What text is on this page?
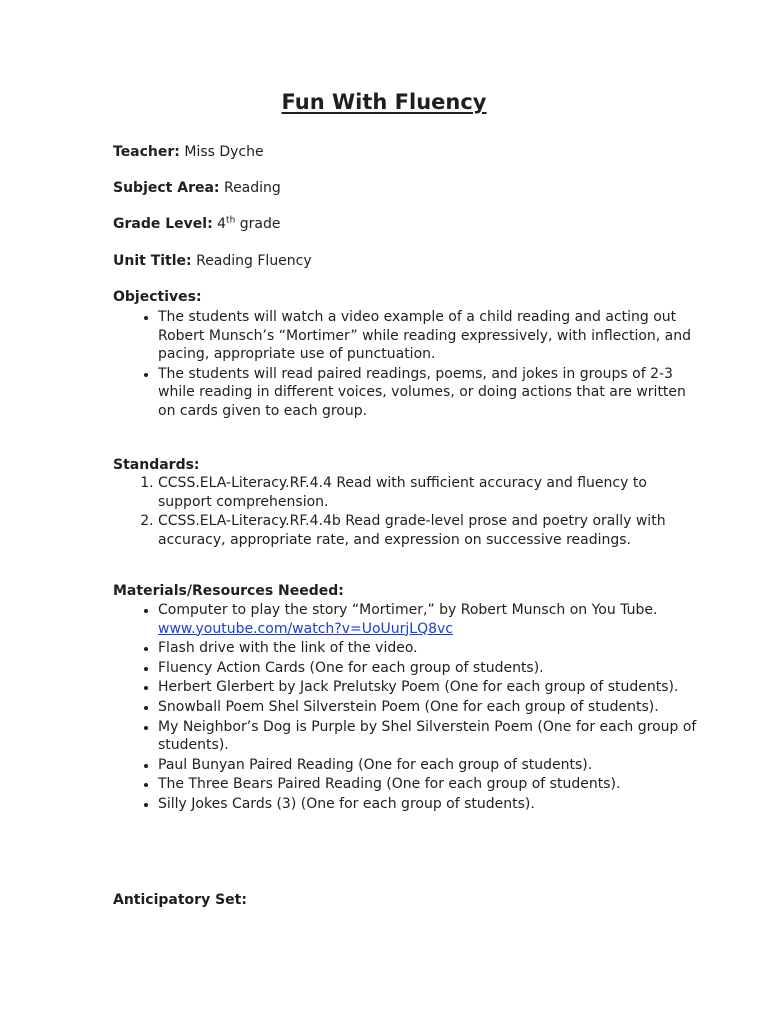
Fun With Fluency
Teacher: Miss Dyche
Subject Area: Reading
Grade Level: 4th grade
Unit Title: Reading Fluency
Objectives:
• The students will watch a video example of a child reading and acting out Robert Munsch’s “Mortimer” while reading expressively, with inflection, and pacing, appropriate use of punctuation.
• The students will read paired readings, poems, and jokes in groups of 2-3 while reading in different voices, volumes, or doing actions that are written on cards given to each group.
Standards:
1. CCSS.ELA-Literacy.RF.4.4 Read with sufficient accuracy and fluency to support comprehension.
2. CCSS.ELA-Literacy.RF.4.4b Read grade-level prose and poetry orally with accuracy, appropriate rate, and expression on successive readings.
Materials/Resources Needed:
• Computer to play the story “Mortimer,” by Robert Munsch on You Tube. www.youtube.com/watch?v=UoUurjLQ8vc
• Flash drive with the link of the video.
• Fluency Action Cards (One for each group of students).
• Herbert Glerbert by Jack Prelutsky Poem (One for each group of students).
• Snowball Poem Shel Silverstein Poem (One for each group of students).
• My Neighbor’s Dog is Purple by Shel Silverstein Poem (One for each group of students).
• Paul Bunyan Paired Reading (One for each group of students).
• The Three Bears Paired Reading (One for each group of students).
• Silly Jokes Cards (3) (One for each group of students).
Anticipatory Set:
